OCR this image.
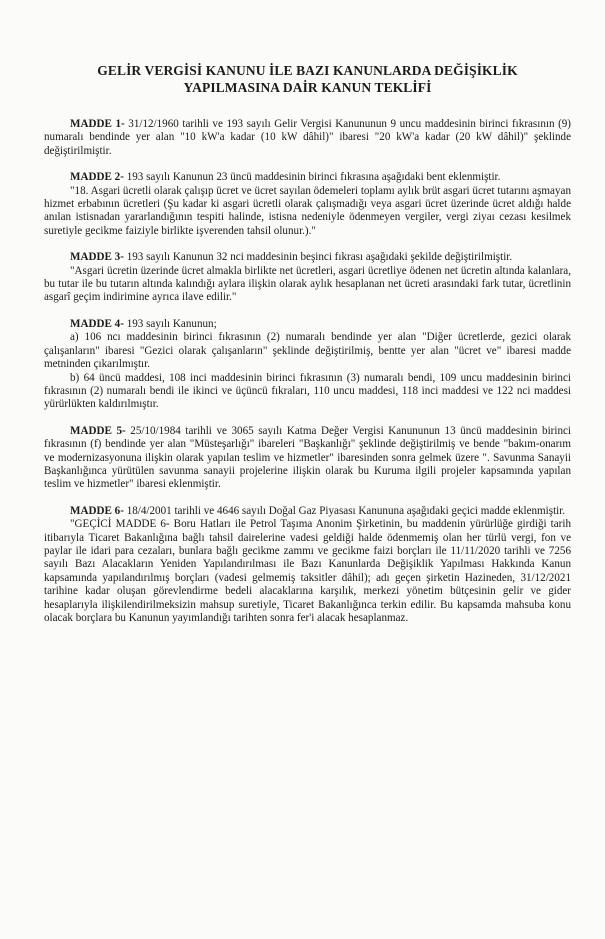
GELİR VERGİSİ KANUNU İLE BAZI KANUNLARDA DEĞİŞİKLİK
YAPILMASINA DAİR KANUN TEKLİFİ

MADDE 1- 31/12/1960 tarihli ve 193 sayılı Gelir Vergisi Kanununun 9 uncu maddesinin birinci fıkrasının (9) numaralı bendinde yer alan "10 kW'a kadar (10 kW dâhil)" ibaresi "20 kW'a kadar (20 kW dâhil)" şeklinde değiştirilmiştir.

MADDE 2- 193 sayılı Kanunun 23 üncü maddesinin birinci fıkrasına aşağıdaki bent eklenmiştir.

"18. Asgari ücretli olarak çalışıp ücret ve ücret sayılan ödemeleri toplamı aylık brüt asgari ücret tutarını aşmayan hizmet erbabının ücretleri (Şu kadar ki asgari ücretli olarak çalışmadığı veya asgari ücret üzerinde ücret aldığı halde anılan istisnadan yararlandığının tespiti halinde, istisna nedeniyle ödenmeyen vergiler, vergi ziyaı cezası kesilmek suretiyle gecikme faiziyle birlikte işverenden tahsil olunur.)."

MADDE 3- 193 sayılı Kanunun 32 nci maddesinin beşinci fıkrası aşağıdaki şekilde değiştirilmiştir.

"Asgari ücretin üzerinde ücret almakla birlikte net ücretleri, asgari ücretliye ödenen net ücretin altında kalanlara, bu tutar ile bu tutarın altında kalındığı aylara ilişkin olarak aylık hesaplanan net ücreti arasındaki fark tutar, ücretlinin asgarî geçim indirimine ayrıca ilave edilir."

MADDE 4- 193 sayılı Kanunun;

a) 106 ncı maddesinin birinci fıkrasının (2) numaralı bendinde yer alan "Diğer ücretlerde, gezici olarak çalışanların" ibaresi "Gezici olarak çalışanların" şeklinde değiştirilmiş, bentte yer alan "ücret ve" ibaresi madde metninden çıkarılmıştır.

b) 64 üncü maddesi, 108 inci maddesinin birinci fıkrasının (3) numaralı bendi, 109 uncu maddesinin birinci fıkrasının (2) numaralı bendi ile ikinci ve üçüncü fıkraları, 110 uncu maddesi, 118 inci maddesi ve 122 nci maddesi yürürlükten kaldırılmıştır.

MADDE 5- 25/10/1984 tarihli ve 3065 sayılı Katma Değer Vergisi Kanununun 13 üncü maddesinin birinci fıkrasının (f) bendinde yer alan "Müsteşarlığı" ibareleri "Başkanlığı" şeklinde değiştirilmiş ve bende "bakım-onarım ve modernizasyonuna ilişkin olarak yapılan teslim ve hizmetler" ibaresinden sonra gelmek üzere ". Savunma Sanayii Başkanlığınca yürütülen savunma sanayii projelerine ilişkin olarak bu Kuruma ilgili projeler kapsamında yapılan teslim ve hizmetler" ibaresi eklenmiştir.

MADDE 6- 18/4/2001 tarihli ve 4646 sayılı Doğal Gaz Piyasası Kanununa aşağıdaki geçici madde eklenmiştir.

"GEÇİCİ MADDE 6- Boru Hatları ile Petrol Taşıma Anonim Şirketinin, bu maddenin yürürlüğe girdiği tarih itibarıyla Ticaret Bakanlığına bağlı tahsil dairelerine vadesi geldiği halde ödenmemiş olan her türlü vergi, fon ve paylar ile idari para cezaları, bunlara bağlı gecikme zammı ve gecikme faizi borçları ile 11/11/2020 tarihli ve 7256 sayılı Bazı Alacakların Yeniden Yapılandırılması ile Bazı Kanunlarda Değişiklik Yapılması Hakkında Kanun kapsamında yapılandırılmış borçları (vadesi gelmemiş taksitler dâhil); adı geçen şirketin Hazineden, 31/12/2021 tarihine kadar oluşan görevlendirme bedeli alacaklarına karşılık, merkezi yönetim bütçesinin gelir ve gider hesaplarıyla ilişkilendirilmeksizin mahsup suretiyle, Ticaret Bakanlığınca terkin edilir. Bu kapsamda mahsuba konu olacak borçlara bu Kanunun yayımlandığı tarihten sonra fer'i alacak hesaplanmaz.
